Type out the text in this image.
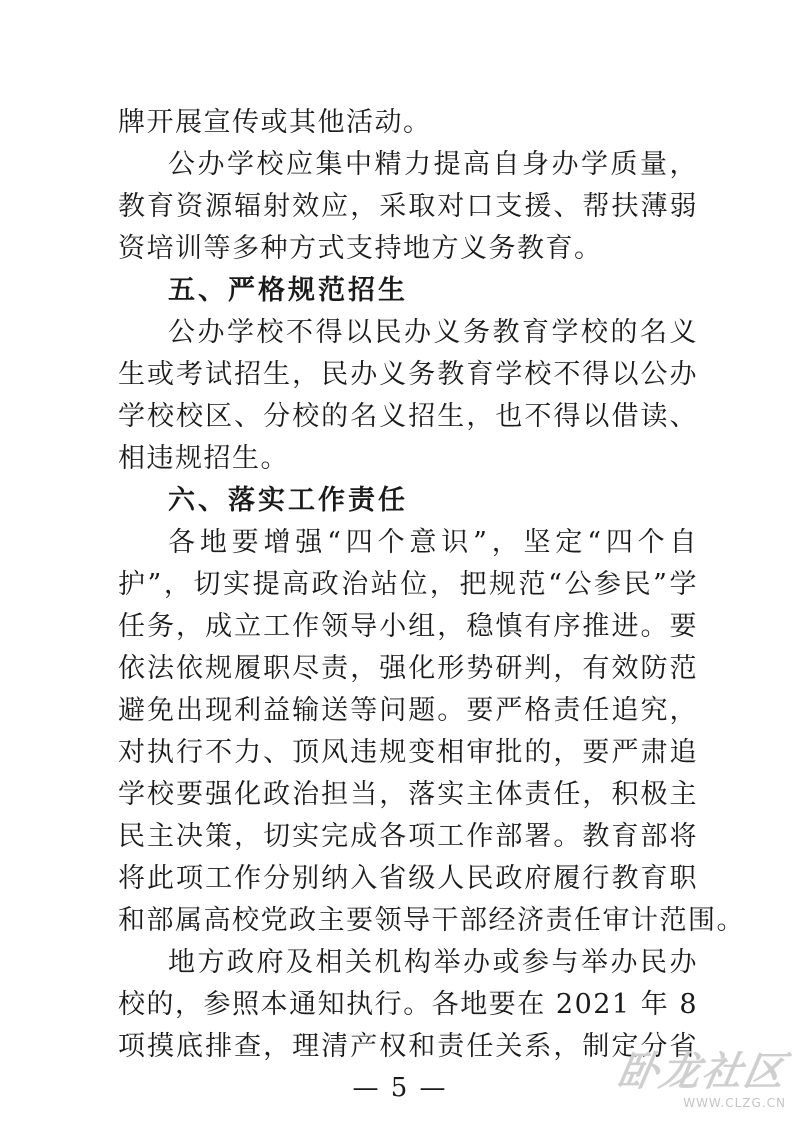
牌开展宣传或其他活动。
公办学校应集中精力提高自身办学质量，
教育资源辐射效应，采取对口支援、帮扶薄弱
资培训等多种方式支持地方义务教育。
五、严格规范招生
公办学校不得以民办义务教育学校的名义
生或考试招生，民办义务教育学校不得以公办
学校校区、分校的名义招生，也不得以借读、
相违规招生。
六、落实工作责任
各地要增强“四个意识”，坚定“四个自
护”，切实提高政治站位，把规范“公参民”学
任务，成立工作领导小组，稳慎有序推进。要
依法依规履职尽责，强化形势研判，有效防范
避免出现利益输送等问题。要严格责任追究，
对执行不力、顶风违规变相审批的，要严肃追
学校要强化政治担当，落实主体责任，积极主
民主决策，切实完成各项工作部署。教育部将
将此项工作分别纳入省级人民政府履行教育职
和部属高校党政主要领导干部经济责任审计范围。
地方政府及相关机构举办或参与举办民办
校的，参照本通知执行。各地要在 2021 年 8
项摸底排查，理清产权和责任关系，制定分省
— 5 —	卧龙社区
WWW.CLZG.CN
